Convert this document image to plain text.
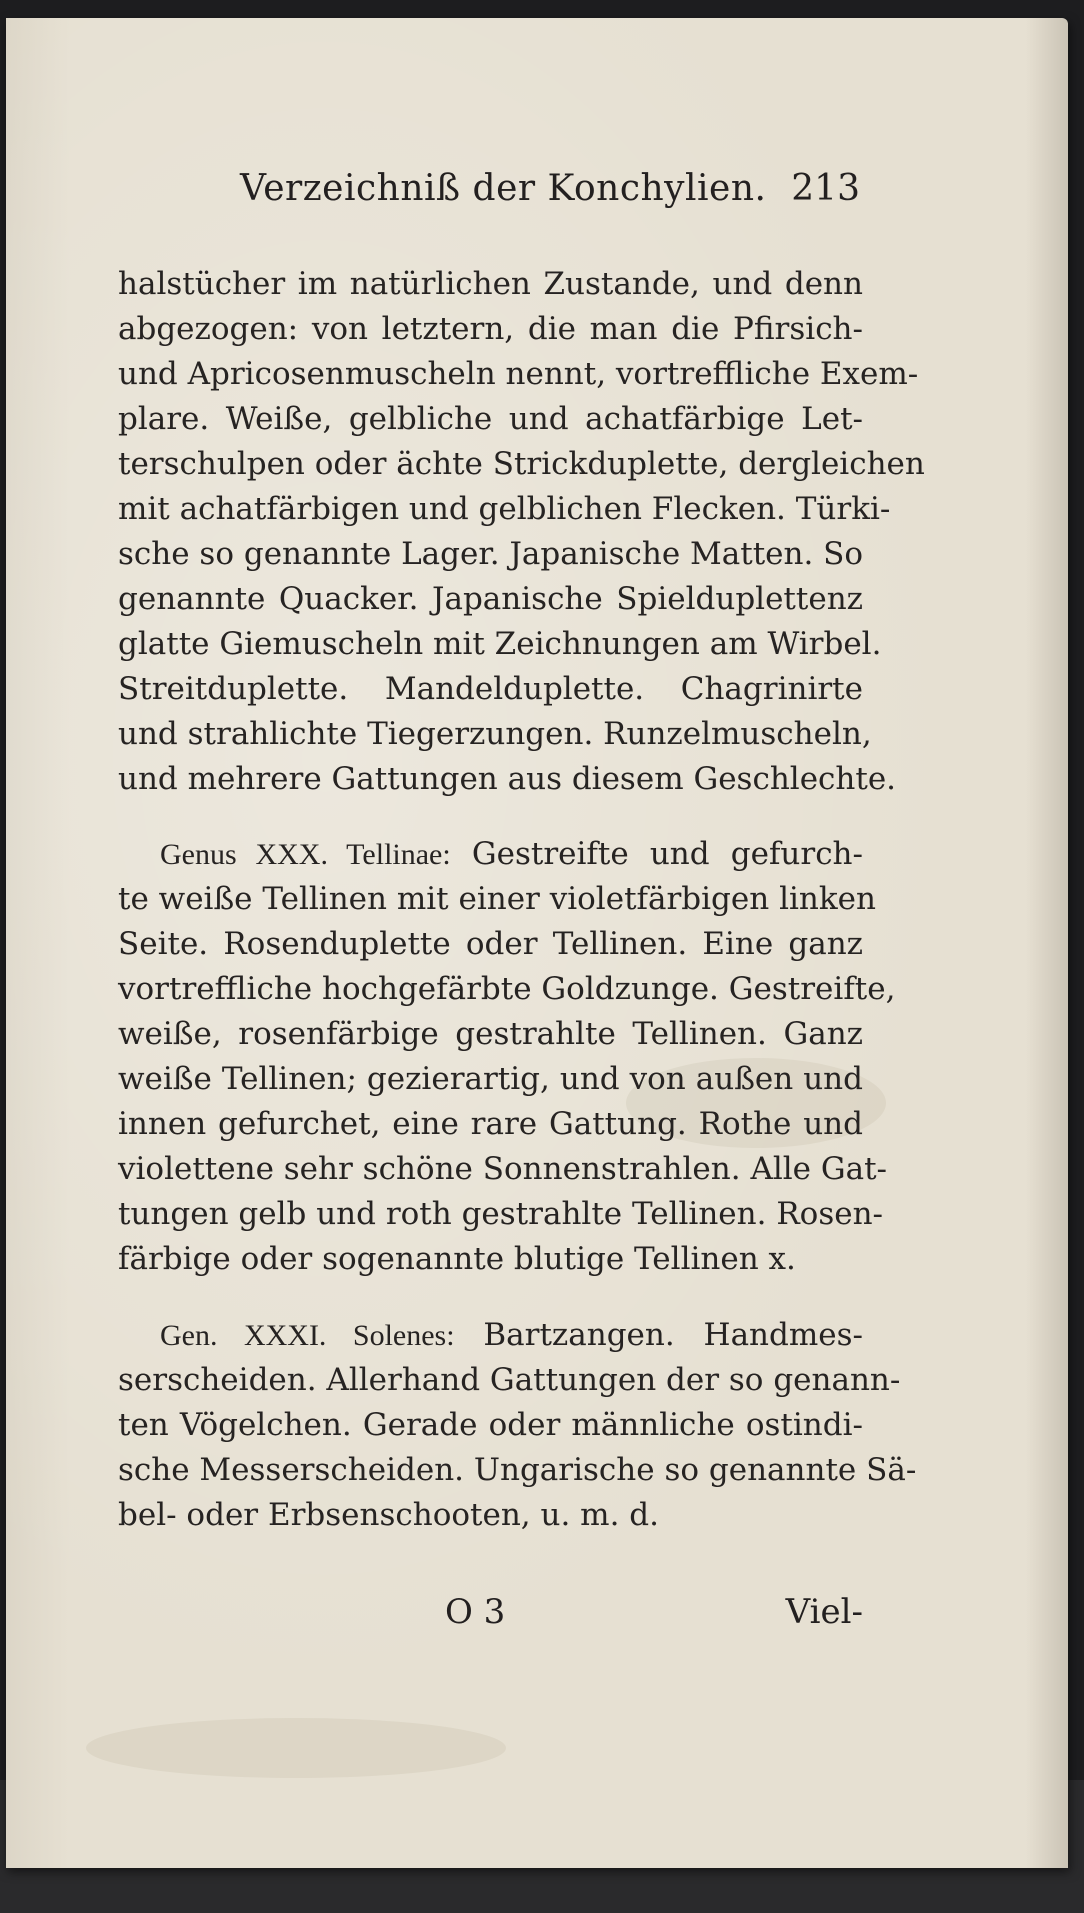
Verzeichniß der Konchylien. 213
halstücher im natürlichen Zustande, und denn
abgezogen: von letztern, die man die Pfirsich-
und Apricosenmuscheln nennt, vortreffliche Exem-
plare. Weiße, gelbliche und achatfärbige Let-
terschulpen oder ächte Strickduplette, dergleichen
mit achatfärbigen und gelblichen Flecken. Türki-
sche so genannte Lager. Japanische Matten. So
genannte Quacker. Japanische Spielduplettenz
glatte Giemuscheln mit Zeichnungen am Wirbel.
Streitduplette. Mandelduplette. Chagrinirte
und strahlichte Tiegerzungen. Runzelmuscheln,
und mehrere Gattungen aus diesem Geschlechte.
Genus XXX. Tellinae: Gestreifte und gefurch-
te weiße Tellinen mit einer violetfärbigen linken
Seite. Rosenduplette oder Tellinen. Eine ganz
vortreffliche hochgefärbte Goldzunge. Gestreifte,
weiße, rosenfärbige gestrahlte Tellinen. Ganz
weiße Tellinen; gezierartig, und von außen und
innen gefurchet, eine rare Gattung. Rothe und
violettene sehr schöne Sonnenstrahlen. Alle Gat-
tungen gelb und roth gestrahlte Tellinen. Rosen-
färbige oder sogenannte blutige Tellinen x.
Gen. XXXI. Solenes: Bartzangen. Handmes-
serscheiden. Allerhand Gattungen der so genann-
ten Vögelchen. Gerade oder männliche ostindi-
sche Messerscheiden. Ungarische so genannte Sä-
bel- oder Erbsenschooten, u. m. d.
O 3	Viel-
